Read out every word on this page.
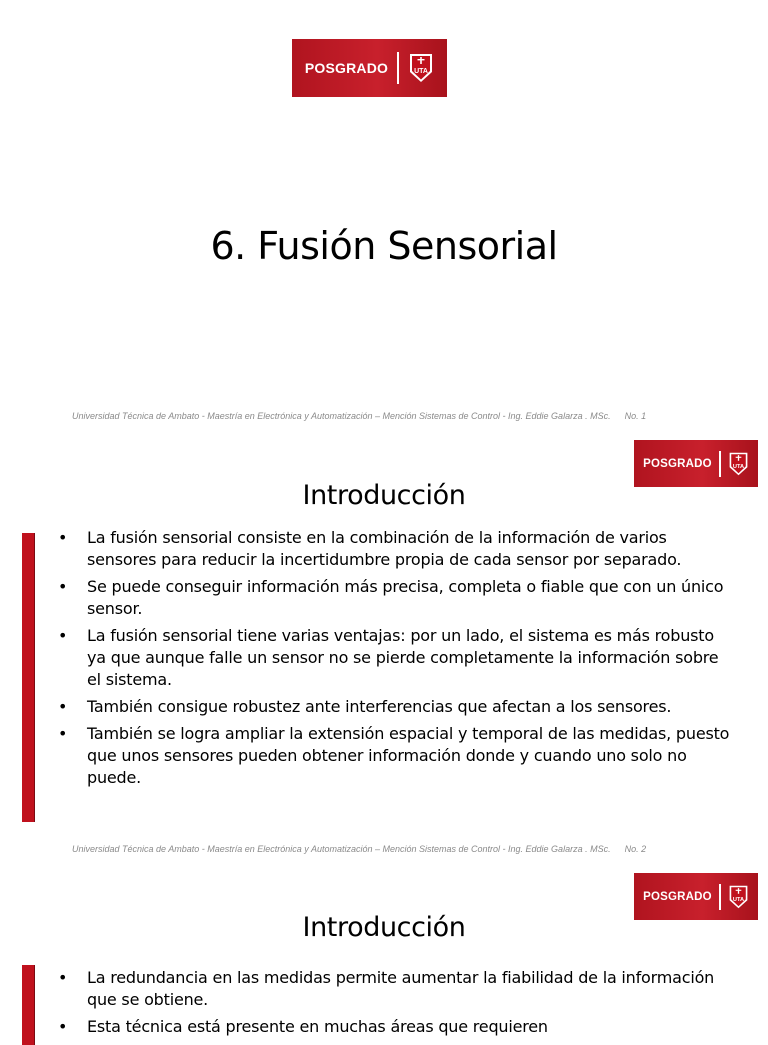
POSGRADO	UTA
6. Fusión Sensorial
Universidad Técnica de Ambato - Maestría en Electrónica y Automatización – Mención Sistemas de Control - Ing. Eddie Galarza . MSc. No. 1
POSGRADO	UTA
Introducción
• La fusión sensorial consiste en la combinación de la información de varios sensores para reducir la incertidumbre propia de cada sensor por separado.
• Se puede conseguir información más precisa, completa o fiable que con un único sensor.
• La fusión sensorial tiene varias ventajas: por un lado, el sistema es más robusto ya que aunque falle un sensor no se pierde completamente la información sobre el sistema.
• También consigue robustez ante interferencias que afectan a los sensores.
• También se logra ampliar la extensión espacial y temporal de las medidas, puesto que unos sensores pueden obtener información donde y cuando uno solo no puede.
Universidad Técnica de Ambato - Maestría en Electrónica y Automatización – Mención Sistemas de Control - Ing. Eddie Galarza . MSc. No. 2
POSGRADO	UTA
Introducción
• La redundancia en las medidas permite aumentar la fiabilidad de la información que se obtiene.
• Esta técnica está presente en muchas áreas que requieren
